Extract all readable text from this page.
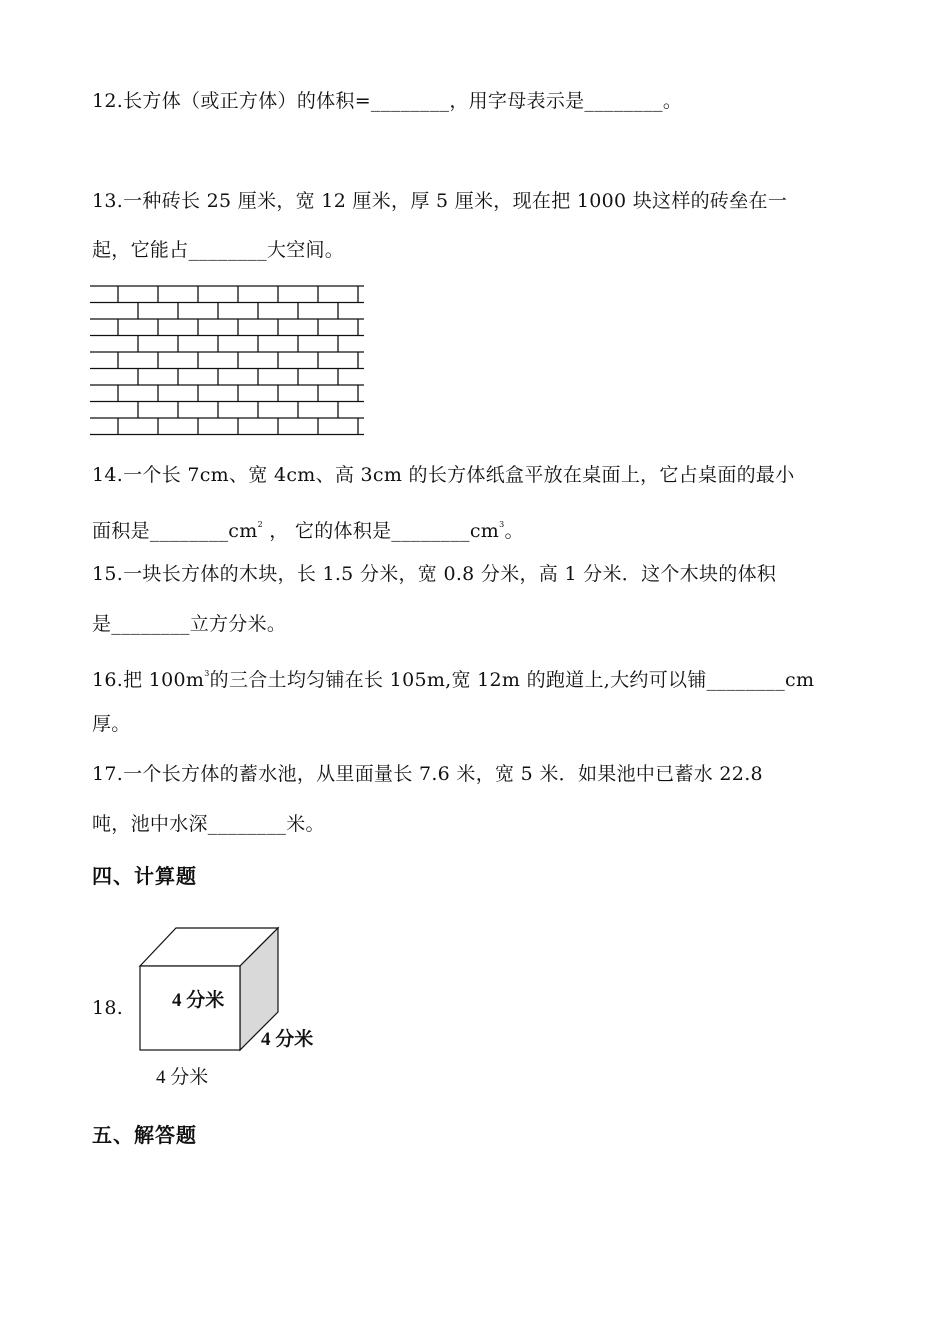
12.长方体（或正方体）的体积=________，用字母表示是________。
13.一种砖长 25 厘米，宽 12 厘米，厚 5 厘米，现在把 1000 块这样的砖垒在一
起，它能占________大空间。
14.一个长 7cm、宽 4cm、高 3cm 的长方体纸盒平放在桌面上，它占桌面的最小
面积是$\_\_\_\_\_\_\_\_cm^2$ ， 它的体积是$\_\_\_\_\_\_\_\_cm^3$。
15.一块长方体的木块，长 1.5 分米，宽 0.8 分米，高 1 分米．这个木块的体积
是________立方分米。
16.把 $100m^3$的三合土均匀铺在长 105m,宽 12m 的跑道上,大约可以铺________cm
厚。
17.一个长方体的蓄水池，从里面量长 7.6 米，宽 5 米．如果池中已蓄水 22.8
吨，池中水深________米。
四、计算题
18.	4 分米
4 分米
4 分米
五、解答题
